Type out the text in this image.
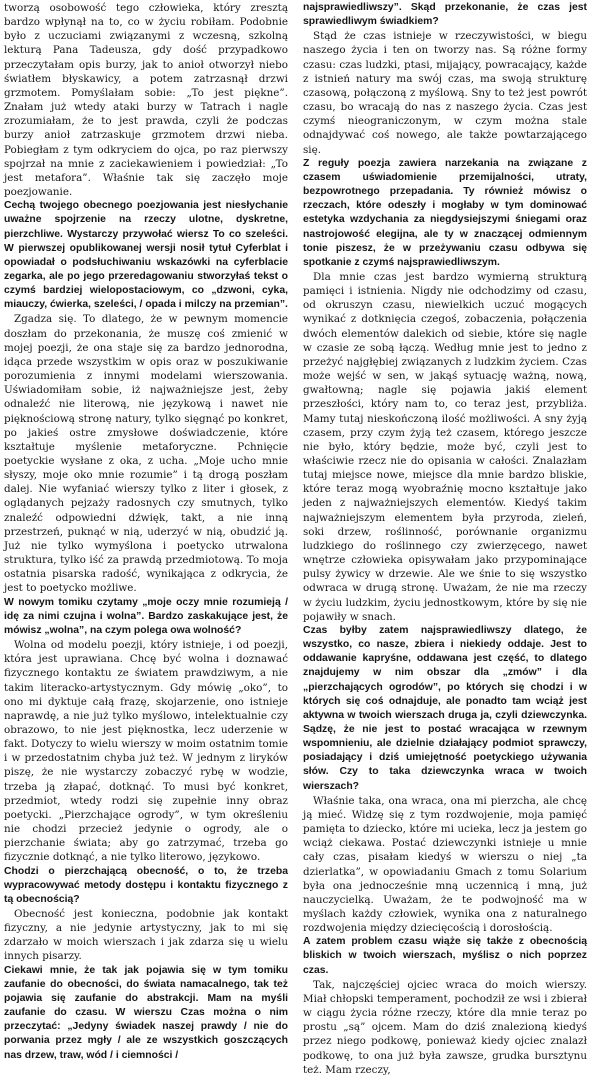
tworzą osobowość tego człowieka, który zresztą bardzo wpłynął na to, co w życiu robiłam. Podobnie było z uczuciami związanymi z wczesną, szkolną lekturą Pana Tadeusza, gdy dość przypadkowo przeczytałam opis burzy, jak to anioł otworzył niebo światłem błyskawicy, a potem zatrzasnął drzwi grzmotem. Pomyślałam sobie: „To jest piękne”. Znałam już wtedy ataki burzy w Tatrach i nagle zrozumiałam, że to jest prawda, czyli że podczas burzy anioł zatrzaskuje grzmotem drzwi nieba. Pobiegłam z tym odkryciem do ojca, po raz pierwszy spojrzał na mnie z zaciekawieniem i powiedział: „To jest metafora”. Właśnie tak się zaczęło moje poezjowanie.

Cechą twojego obecnego poezjowania jest niesłychanie uważne spojrzenie na rzeczy ulotne, dyskretne, pierzchliwe. Wystarczy przywołać wiersz To co szeleści. W pierwszej opublikowanej wersji nosił tytuł Cyferblat i opowiadał o podsłuchiwaniu wskazówki na cyferblacie zegarka, ale po jego przeredagowaniu stworzyłaś tekst o czymś bardziej wielopostaciowym, co „dzwoni, cyka, miauczy, ćwierka, szeleści, / opada i milczy na przemian”.

Zgadza się. To dlatego, że w pewnym momencie doszłam do przekonania, że muszę coś zmienić w mojej poezji, że ona staje się za bardzo jednorodna, idąca przede wszystkim w opis oraz w poszukiwanie porozumienia z innymi modelami wierszowania. Uświadomiłam sobie, iż najważniejsze jest, żeby odnaleźć nie literową, nie językową i nawet nie pięknościową stronę natury, tylko sięgnąć po konkret, po jakieś ostre zmysłowe doświadczenie, które kształtuje myślenie metaforyczne. Pchnięcie poetyckie wysłane z oka, z ucha. „Moje ucho mnie słyszy, moje oko mnie rozumie” i tą drogą poszłam dalej. Nie wyfaniać wierszy tylko z liter i głosek, z oglądanych pejzaży radosnych czy smutnych, tylko znaleźć odpowiedni dźwięk, takt, a nie inną przestrzeń, puknąć w nią, uderzyć w nią, obudzić ją. Już nie tylko wymyślona i poetycko utrwalona struktura, tylko iść za prawdą przedmiotową. To moja ostatnia pisarska radość, wynikająca z odkrycia, że jest to poetycko możliwe.

W nowym tomiku czytamy „moje oczy mnie rozumieją / idę za nimi czujna i wolna”. Bardzo zaskakujące jest, że mówisz „wolna”, na czym polega owa wolność?

Wolna od modelu poezji, który istnieje, i od poezji, która jest uprawiana. Chcę być wolna i doznawać fizycznego kontaktu ze światem prawdziwym, a nie takim literacko-artystycznym. Gdy mówię „oko”, to ono mi dyktuje całą frazę, skojarzenie, ono istnieje naprawdę, a nie już tylko myślowo, intelektualnie czy obrazowo, to nie jest pięknostka, lecz uderzenie w fakt. Dotyczy to wielu wierszy w moim ostatnim tomie i w przedostatnim chyba już też. W jednym z liryków piszę, że nie wystarczy zobaczyć rybę w wodzie, trzeba ją złapać, dotknąć. To musi być konkret, przedmiot, wtedy rodzi się zupełnie inny obraz poetycki. „Pierzchające ogrody”, w tym określeniu nie chodzi przecież jedynie o ogrody, ale o pierzchanie świata; aby go zatrzymać, trzeba go fizycznie dotknąć, a nie tylko literowo, językowo.

Chodzi o pierzchającą obecność, o to, że trzeba wypracowywać metody dostępu i kontaktu fizycznego z tą obecnością?

Obecność jest konieczna, podobnie jak kontakt fizyczny, a nie jedynie artystyczny, jak to mi się zdarzało w moich wierszach i jak zdarza się u wielu innych pisarzy.

Ciekawi mnie, że tak jak pojawia się w tym tomiku zaufanie do obecności, do świata namacalnego, tak też pojawia się zaufanie do abstrakcji. Mam na myśli zaufanie do czasu. W wierszu Czas można o nim przeczytać: „Jedyny świadek naszej prawdy / nie do porwania przez mgły / ale ze wszystkich goszczących nas drzew, traw, wód / i ciemności /

najsprawiedliwszy”. Skąd przekonanie, że czas jest sprawiedliwym świadkiem?

Stąd że czas istnieje w rzeczywistości, w biegu naszego życia i ten on tworzy nas. Są różne formy czasu: czas ludzki, ptasi, mijający, powracający, każde z istnień natury ma swój czas, ma swoją strukturę czasową, połączoną z myślową. Sny to też jest powrót czasu, bo wracają do nas z naszego życia. Czas jest czymś nieograniczonym, w czym można stale odnajdywać coś nowego, ale także powtarzającego się.

Z reguły poezja zawiera narzekania na związane z czasem uświadomienie przemijalności, utraty, bezpowrotnego przepadania. Ty również mówisz o rzeczach, które odeszły i mogłaby w tym dominować estetyka wzdychania za niegdysiejszymi śniegami oraz nastrojowość elegijna, ale ty w znaczącej odmiennym tonie piszesz, że w przeżywaniu czasu odbywa się spotkanie z czymś najsprawiedliwszym.

Dla mnie czas jest bardzo wymierną strukturą pamięci i istnienia. Nigdy nie odchodzimy od czasu, od okruszyn czasu, niewielkich uczuć mogących wynikać z dotknięcia czegoś, zobaczenia, połączenia dwóch elementów dalekich od siebie, które się nagle w czasie ze sobą łączą. Według mnie jest to jedno z przeżyć najgłębiej związanych z ludzkim życiem. Czas może wejść w sen, w jakąś sytuację ważną, nową, gwałtowną; nagle się pojawia jakiś element przeszłości, który nam to, co teraz jest, przybliża. Mamy tutaj nieskończoną ilość możliwości. A sny żyją czasem, przy czym żyją też czasem, którego jeszcze nie było, który będzie, może być, czyli jest to właściwie rzecz nie do opisania w całości. Znalazłam tutaj miejsce nowe, miejsce dla mnie bardzo bliskie, które teraz mogą wyobraźnię mocno kształtuje jako jeden z najważniejszych elementów. Kiedyś takim najważniejszym elementem była przyroda, zieleń, soki drzew, roślinność, porównanie organizmu ludzkiego do roślinnego czy zwierzęcego, nawet wnętrze człowieka opisywałam jako przypominające pulsy żywicy w drzewie. Ale we śnie to się wszystko odwraca w drugą stronę. Uważam, że nie ma rzeczy w życiu ludzkim, życiu jednostkowym, które by się nie pojawiły w snach.

Czas byłby zatem najsprawiedliwszy dlatego, że wszystko, co nasze, zbiera i niekiedy oddaje. Jest to oddawanie kapryśne, oddawana jest część, to dlatego znajdujemy w nim obszar dla „zmów” i dla „pierzchających ogrodów”, po których się chodzi i w których się coś odnajduje, ale ponadto tam wciąż jest aktywna w twoich wierszach druga ja, czyli dziewczynka. Sądzę, że nie jest to postać wracająca w rzewnym wspomnieniu, ale dzielnie działający podmiot sprawczy, posiadający i dziś umiejętność poetyckiego używania słów. Czy to taka dziewczynka wraca w twoich wierszach?

Właśnie taka, ona wraca, ona mi pierzcha, ale chcę ją mieć. Widzę się z tym rozdwojenie, moja pamięć pamięta to dziecko, które mi ucieka, lecz ja jestem go wciąż ciekawa. Postać dziewczynki istnieje u mnie cały czas, pisałam kiedyś w wierszu o niej „ta dzierlatka”, w opowiadaniu Gmach z tomu Solarium była ona jednocześnie mną uczennicą i mną, już nauczycielką. Uważam, że te podwojność ma w myślach każdy człowiek, wynika ona z naturalnego rozdwojenia między dziecięcością i dorosłością.

A zatem problem czasu wiąże się także z obecnością bliskich w twoich wierszach, myślisz o nich poprzez czas.

Tak, najczęściej ojciec wraca do moich wierszy. Miał chłopski temperament, pochodził ze wsi i zbierał w ciągu życia różne rzeczy, które dla mnie teraz po prostu „są” ojcem. Mam do dziś znalezioną kiedyś przez niego podkowę, ponieważ kiedy ojciec znalazł podkowę, to ona już była zawsze, grudka bursztynu też. Mam rzeczy,
